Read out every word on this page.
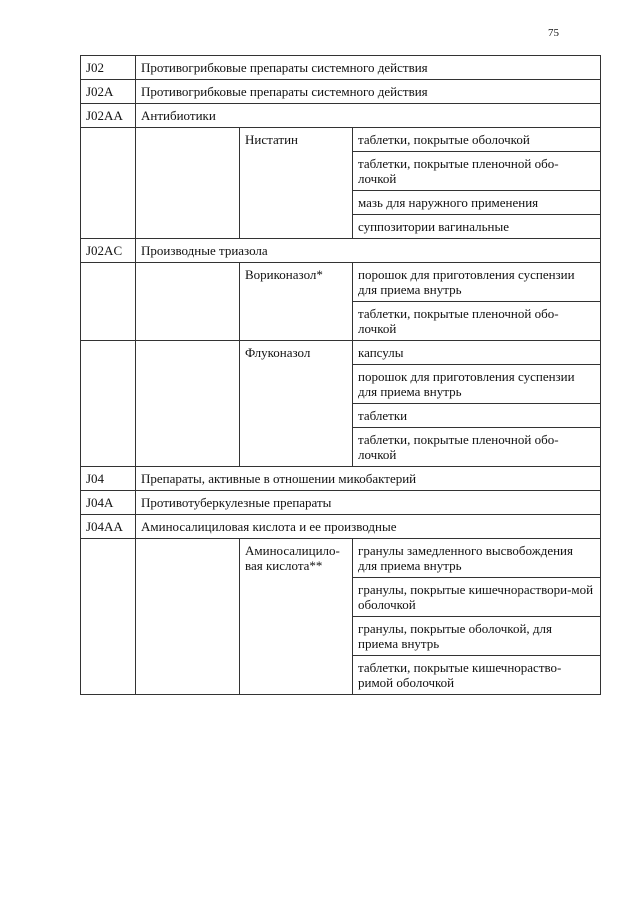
75
J02	Противогрибковые препараты системного действия		
J02A	Противогрибковые препараты системного действия		
J02AA	Антибиотики		
		Нистатин	таблетки, покрытые оболочкой
			таблетки, покрытые пленочной обо-лочкой
			мазь для наружного применения
			суппозитории вагинальные
J02AC	Производные триазола		
		Вориконазол*	порошок для приготовления суспензии для приема внутрь
			таблетки, покрытые пленочной обо-лочкой
		Флуконазол	капсулы
			порошок для приготовления суспензии для приема внутрь
			таблетки
			таблетки, покрытые пленочной обо-лочкой
J04	Препараты, активные в отношении микобактерий		
J04A	Противотуберкулезные препараты		
J04AA	Аминосалициловая кислота и ее производные		
		Аминосалицило-вая кислота**	гранулы замедленного высвобождения для приема внутрь
			гранулы, покрытые кишечнораствори-мой оболочкой
			гранулы, покрытые оболочкой, для приема внутрь
			таблетки, покрытые кишечнораство-римой оболочкой
